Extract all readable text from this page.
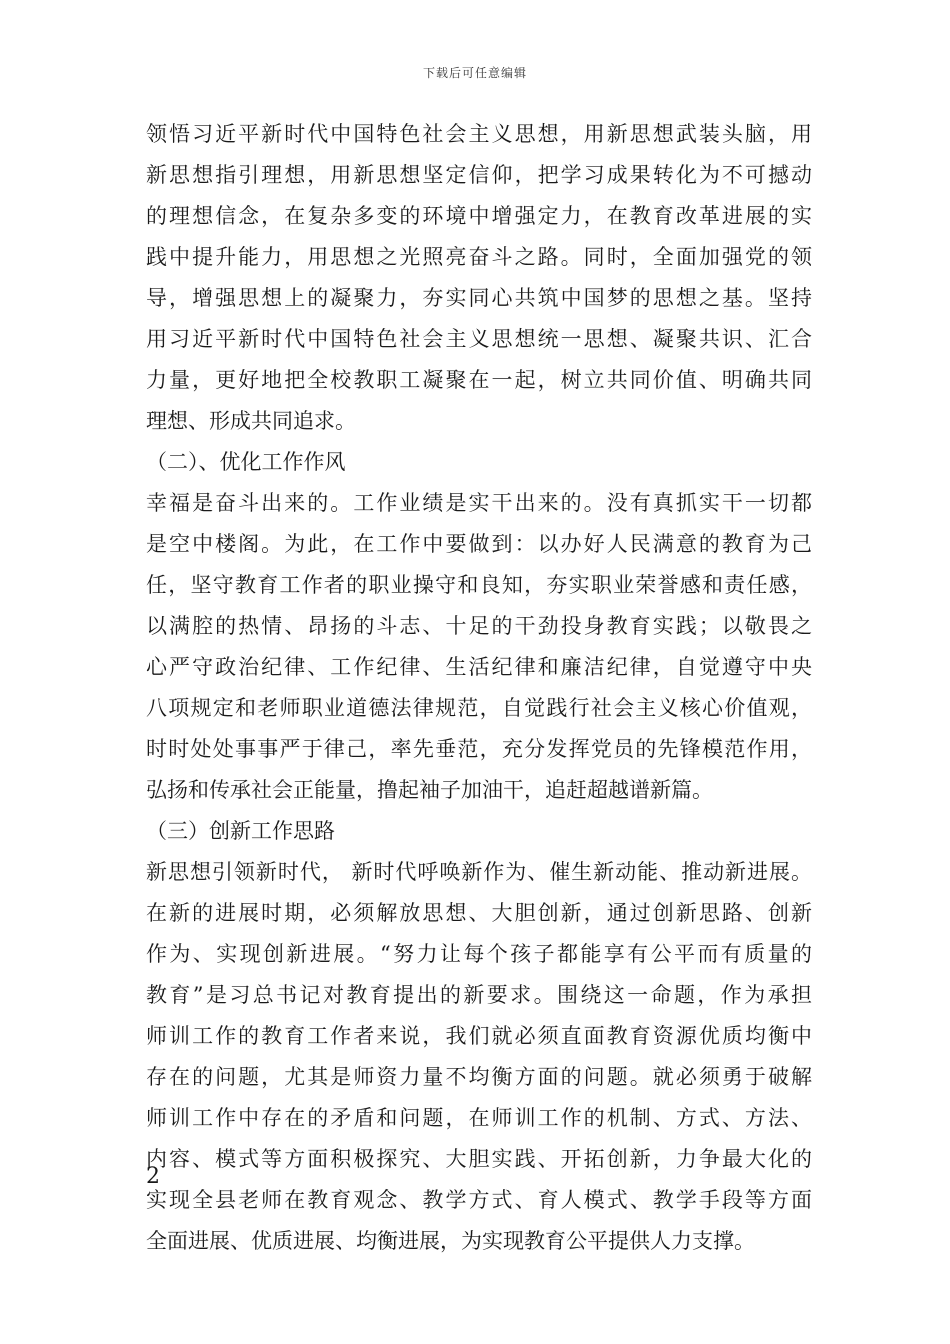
下载后可任意编辑
领悟习近平新时代中国特色社会主义思想，用新思想武装头脑，用
新思想指引理想，用新思想坚定信仰，把学习成果转化为不可撼动
的理想信念，在复杂多变的环境中增强定力，在教育改革进展的实
践中提升能力，用思想之光照亮奋斗之路。同时，全面加强党的领
导，增强思想上的凝聚力，夯实同心共筑中国梦的思想之基。坚持
用习近平新时代中国特色社会主义思想统一思想、凝聚共识、汇合
力量，更好地把全校教职工凝聚在一起，树立共同价值、明确共同
理想、形成共同追求。
（二）、优化工作作风
幸福是奋斗出来的。工作业绩是实干出来的。没有真抓实干一切都
是空中楼阁。为此，在工作中要做到：以办好人民满意的教育为己
任，坚守教育工作者的职业操守和良知，夯实职业荣誉感和责任感，
以满腔的热情、昂扬的斗志、十足的干劲投身教育实践；以敬畏之
心严守政治纪律、工作纪律、生活纪律和廉洁纪律，自觉遵守中央
八项规定和老师职业道德法律规范，自觉践行社会主义核心价值观，
时时处处事事严于律己，率先垂范，充分发挥党员的先锋模范作用，
弘扬和传承社会正能量，撸起袖子加油干，追赶超越谱新篇。
（三）创新工作思路
新思想引领新时代， 新时代呼唤新作为、催生新动能、推动新进展。
在新的进展时期，必须解放思想、大胆创新，通过创新思路、创新
作为、实现创新进展。“努力让每个孩子都能享有公平而有质量的
教育”是习总书记对教育提出的新要求。围绕这一命题，作为承担
师训工作的教育工作者来说，我们就必须直面教育资源优质均衡中
存在的问题，尤其是师资力量不均衡方面的问题。就必须勇于破解
师训工作中存在的矛盾和问题，在师训工作的机制、方式、方法、
内容、模式等方面积极探究、大胆实践、开拓创新，力争最大化的
实现全县老师在教育观念、教学方式、育人模式、教学手段等方面
全面进展、优质进展、均衡进展，为实现教育公平提供人力支撑。
2
